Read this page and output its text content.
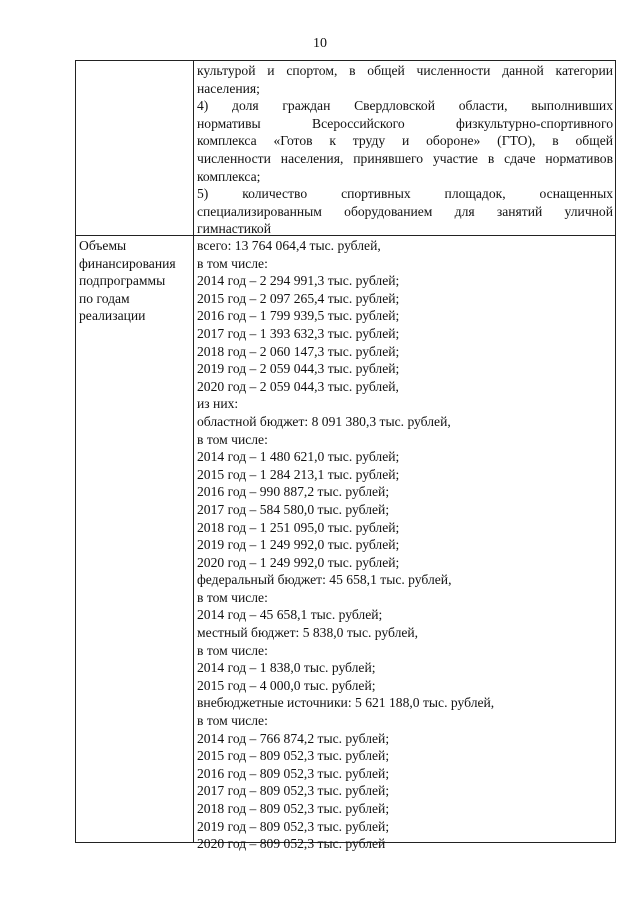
10
культурой и спортом, в общей численности данной категории
населения;
4) доля граждан Свердловской области, выполнивших
нормативы Всероссийского физкультурно-спортивного
комплекса «Готов к труду и обороне» (ГТО), в общей
численности населения, принявшего участие в сдаче нормативов
комплекса;
5) количество спортивных площадок, оснащенных
специализированным оборудованием для занятий уличной
гимнастикой
Объемы
финансирования
подпрограммы
по годам
реализации
всего: 13 764 064,4 тыс. рублей,
в том числе:
2014 год – 2 294 991,3 тыс. рублей;
2015 год – 2 097 265,4 тыс. рублей;
2016 год – 1 799 939,5 тыс. рублей;
2017 год – 1 393 632,3 тыс. рублей;
2018 год – 2 060 147,3 тыс. рублей;
2019 год – 2 059 044,3 тыс. рублей;
2020 год – 2 059 044,3 тыс. рублей,
из них:
областной бюджет: 8 091 380,3 тыс. рублей,
в том числе:
2014 год – 1 480 621,0 тыс. рублей;
2015 год – 1 284 213,1 тыс. рублей;
2016 год – 990 887,2 тыс. рублей;
2017 год – 584 580,0 тыс. рублей;
2018 год – 1 251 095,0 тыс. рублей;
2019 год – 1 249 992,0 тыс. рублей;
2020 год – 1 249 992,0 тыс. рублей;
федеральный бюджет: 45 658,1 тыс. рублей,
в том числе:
2014 год – 45 658,1 тыс. рублей;
местный бюджет: 5 838,0 тыс. рублей,
в том числе:
2014 год – 1 838,0 тыс. рублей;
2015 год – 4 000,0 тыс. рублей;
внебюджетные источники: 5 621 188,0 тыс. рублей,
в том числе:
2014 год – 766 874,2 тыс. рублей;
2015 год – 809 052,3 тыс. рублей;
2016 год – 809 052,3 тыс. рублей;
2017 год – 809 052,3 тыс. рублей;
2018 год – 809 052,3 тыс. рублей;
2019 год – 809 052,3 тыс. рублей;
2020 год – 809 052,3 тыс. рублей
